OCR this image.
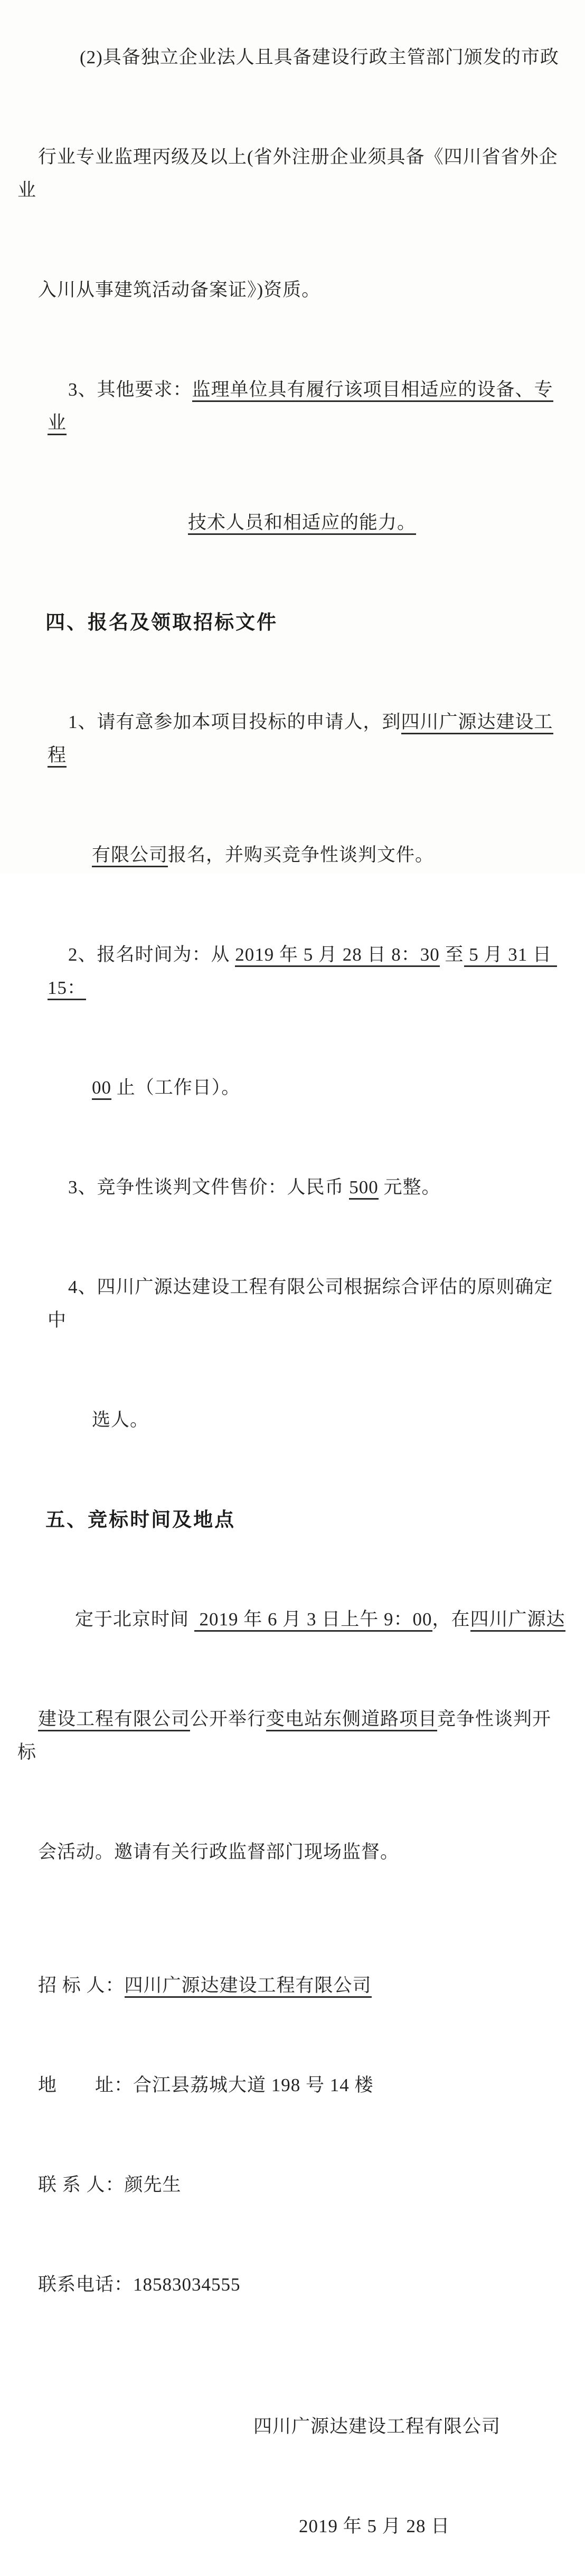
(2)具备独立企业法人且具备建设行政主管部门颁发的市政

行业专业监理丙级及以上(省外注册企业须具备《四川省省外企业

入川从事建筑活动备案证》)资质。

3、其他要求：监理单位具有履行该项目相适应的设备、专业

技术人员和相适应的能力。

四、报名及领取招标文件

1、请有意参加本项目投标的申请人，到四川广源达建设工程

有限公司报名，并购买竞争性谈判文件。

2、报名时间为：从 2019 年 5 月 28 日 8：30 至 5 月 31 日 15：

00 止（工作日）。

3、竞争性谈判文件售价：人民币 500 元整。

4、四川广源达建设工程有限公司根据综合评估的原则确定中

选人。

五、竞标时间及地点

定于北京时间  2019 年 6 月 3 日上午 9：00，在四川广源达

建设工程有限公司公开举行变电站东侧道路项目竞争性谈判开标

会活动。邀请有关行政监督部门现场监督。

招 标 人：四川广源达建设工程有限公司

地　　址：合江县荔城大道 198 号 14 楼

联 系 人：颜先生

联系电话：18583034555

四川广源达建设工程有限公司

2019 年 5 月 28 日
